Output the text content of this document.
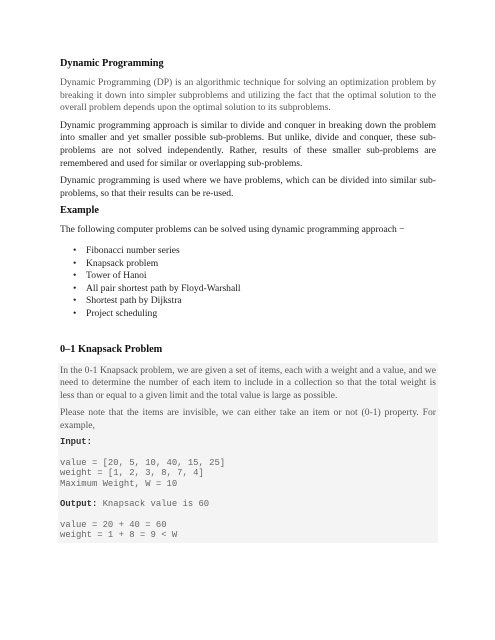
Dynamic Programming

Dynamic Programming (DP) is an algorithmic technique for solving an optimization problem by breaking it down into simpler subproblems and utilizing the fact that the optimal solution to the overall problem depends upon the optimal solution to its subproblems.

Dynamic programming approach is similar to divide and conquer in breaking down the problem into smaller and yet smaller possible sub-problems. But unlike, divide and conquer, these sub-problems are not solved independently. Rather, results of these smaller sub-problems are remembered and used for similar or overlapping sub-problems.

Dynamic programming is used where we have problems, which can be divided into similar sub-problems, so that their results can be re-used.

Example

The following computer problems can be solved using dynamic programming approach −

• Fibonacci number series
• Knapsack problem
• Tower of Hanoi
• All pair shortest path by Floyd-Warshall
• Shortest path by Dijkstra
• Project scheduling
0–1 Knapsack Problem

In the 0-1 Knapsack problem, we are given a set of items, each with a weight and a value, and we need to determine the number of each item to include in a collection so that the total weight is less than or equal to a given limit and the total value is large as possible.

Please note that the items are invisible, we can either take an item or not (0-1) property. For example,

Input:
value = [20, 5, 10, 40, 15, 25]
weight = [1, 2, 3, 8, 7, 4]
Maximum Weight, W = 10
Output: Knapsack value is 60
value = 20 + 40 = 60
weight = 1 + 8 = 9 < W
